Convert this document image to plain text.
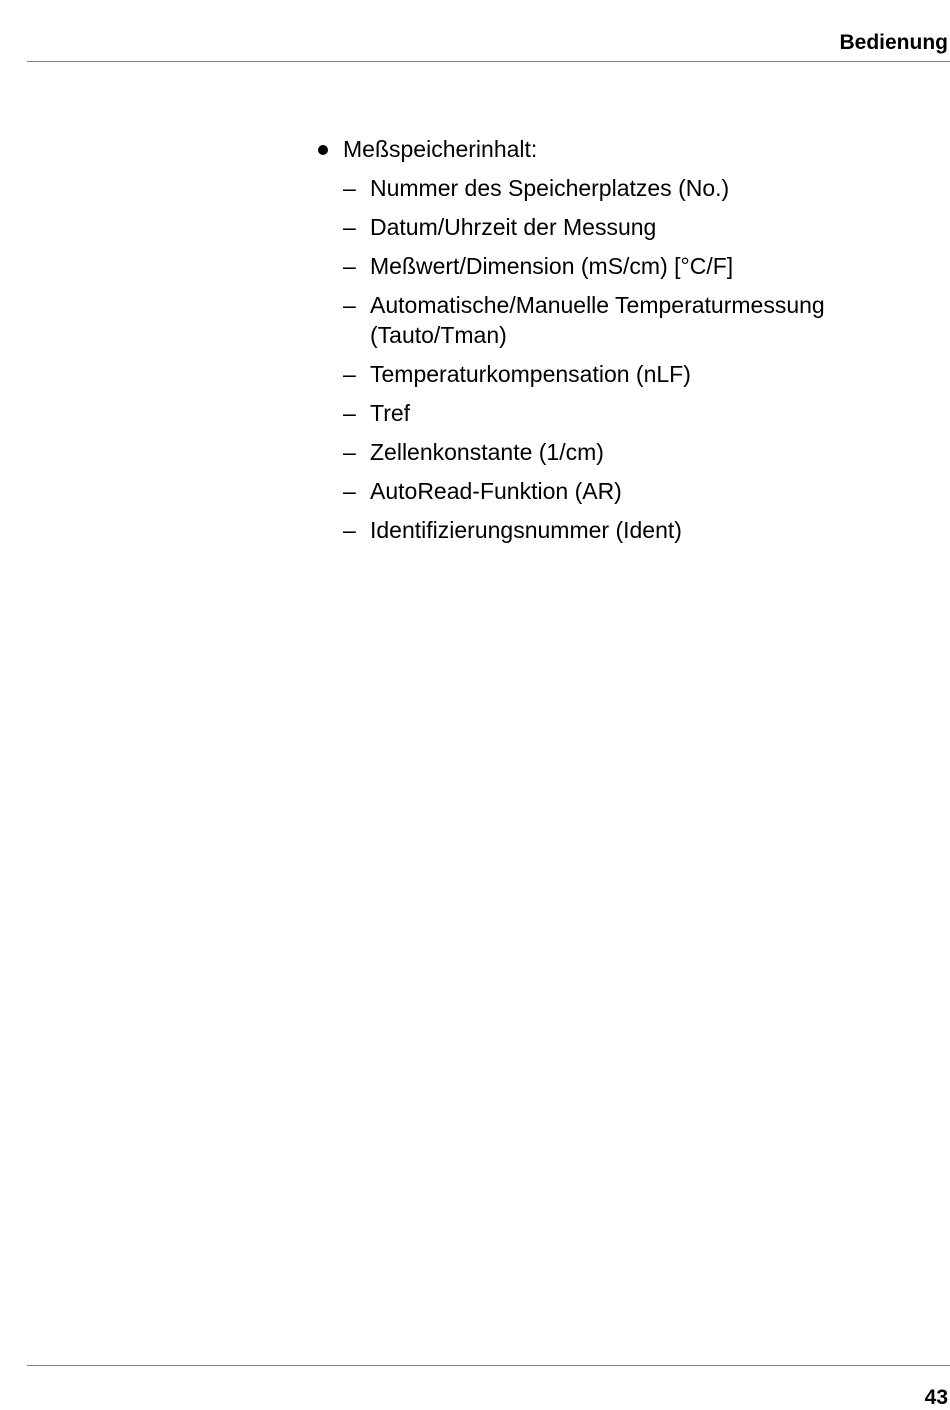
Bedienung
Meßspeicherinhalt:
– Nummer des Speicherplatzes (No.)
– Datum/Uhrzeit der Messung
– Meßwert/Dimension (mS/cm) [°C/F]
– Automatische/Manuelle Temperaturmessung (Tauto/Tman)
– Temperaturkompensation (nLF)
– Tref
– Zellenkonstante (1/cm)
– AutoRead-Funktion (AR)
– Identifizierungsnummer (Ident)
43
